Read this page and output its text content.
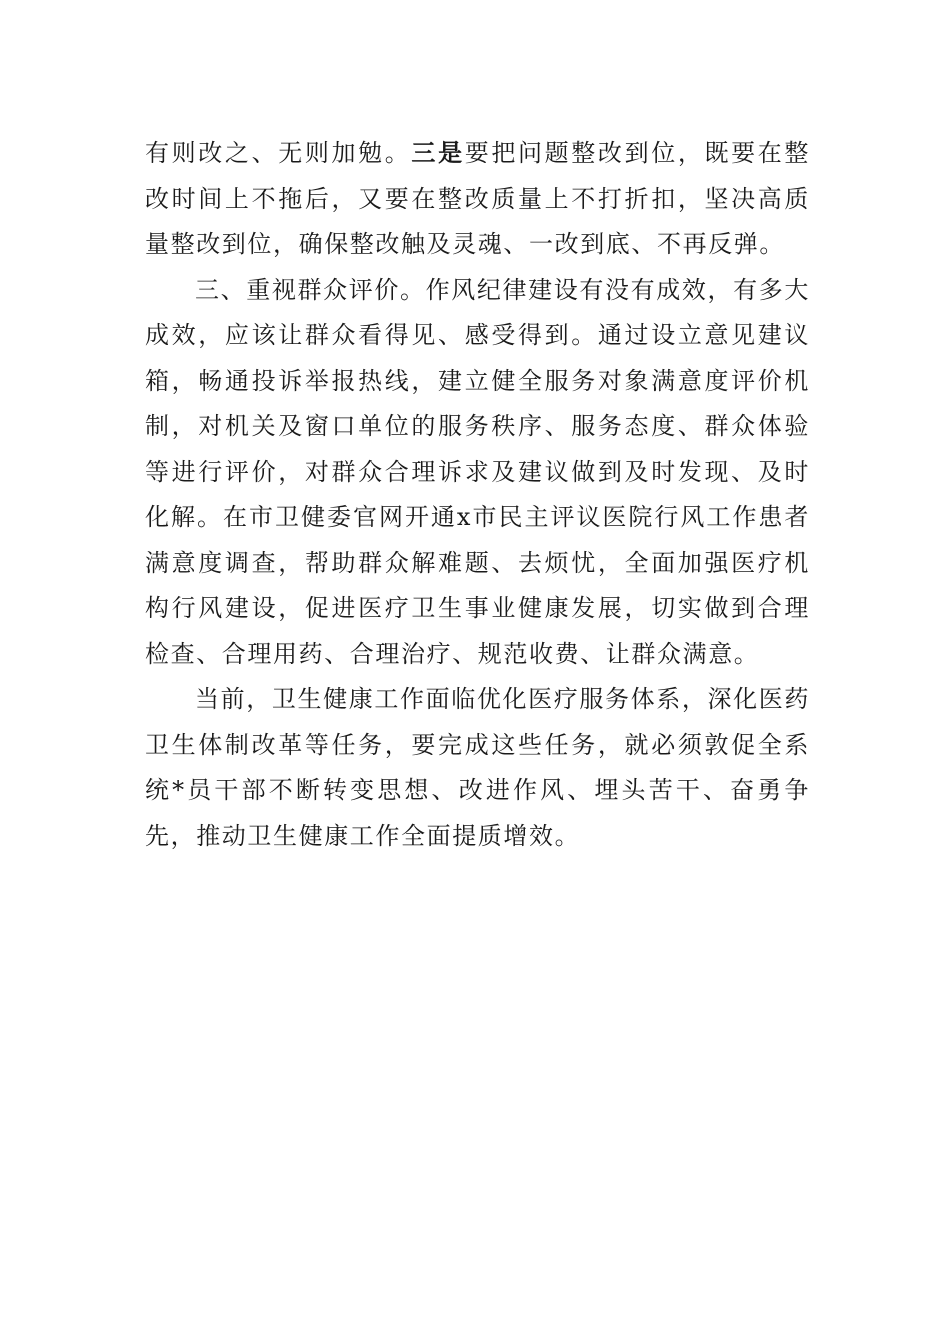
有则改之、无则加勉。三是要把问题整改到位，既要在整改时间上不拖后，又要在整改质量上不打折扣，坚决高质量整改到位，确保整改触及灵魂、一改到底、不再反弹。

三、重视群众评价。作风纪律建设有没有成效，有多大成效，应该让群众看得见、感受得到。通过设立意见建议箱，畅通投诉举报热线，建立健全服务对象满意度评价机制，对机关及窗口单位的服务秩序、服务态度、群众体验等进行评价，对群众合理诉求及建议做到及时发现、及时化解。在市卫健委官网开通x市民主评议医院行风工作患者满意度调查，帮助群众解难题、去烦忧，全面加强医疗机构行风建设，促进医疗卫生事业健康发展，切实做到合理检查、合理用药、合理治疗、规范收费、让群众满意。

当前，卫生健康工作面临优化医疗服务体系，深化医药卫生体制改革等任务，要完成这些任务，就必须敦促全系统*员干部不断转变思想、改进作风、埋头苦干、奋勇争先，推动卫生健康工作全面提质增效。
